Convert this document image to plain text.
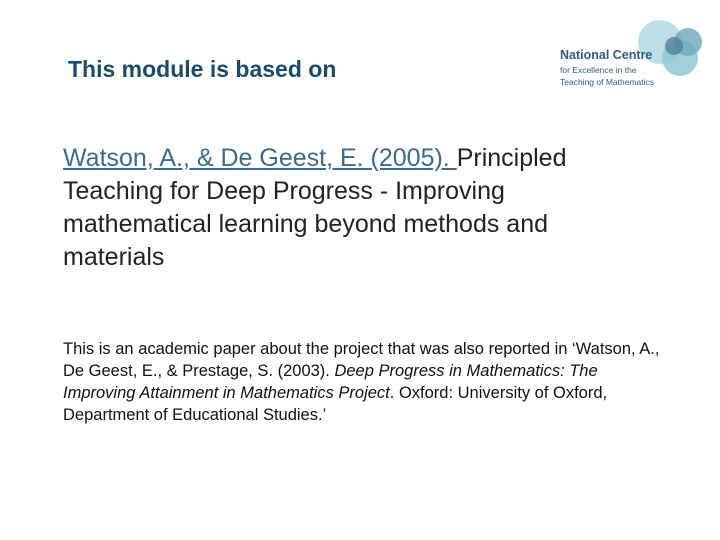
This module is based on
National Centre
for Excellence in the
Teaching of Mathematics

Watson, A., & De Geest, E. (2005). Principled Teaching for Deep Progress - Improving mathematical learning beyond methods and materials

This is an academic paper about the project that was also reported in ‘Watson, A., De Geest, E., & Prestage, S. (2003). Deep Progress in Mathematics: The Improving Attainment in Mathematics Project. Oxford: University of Oxford, Department of Educational Studies.’
